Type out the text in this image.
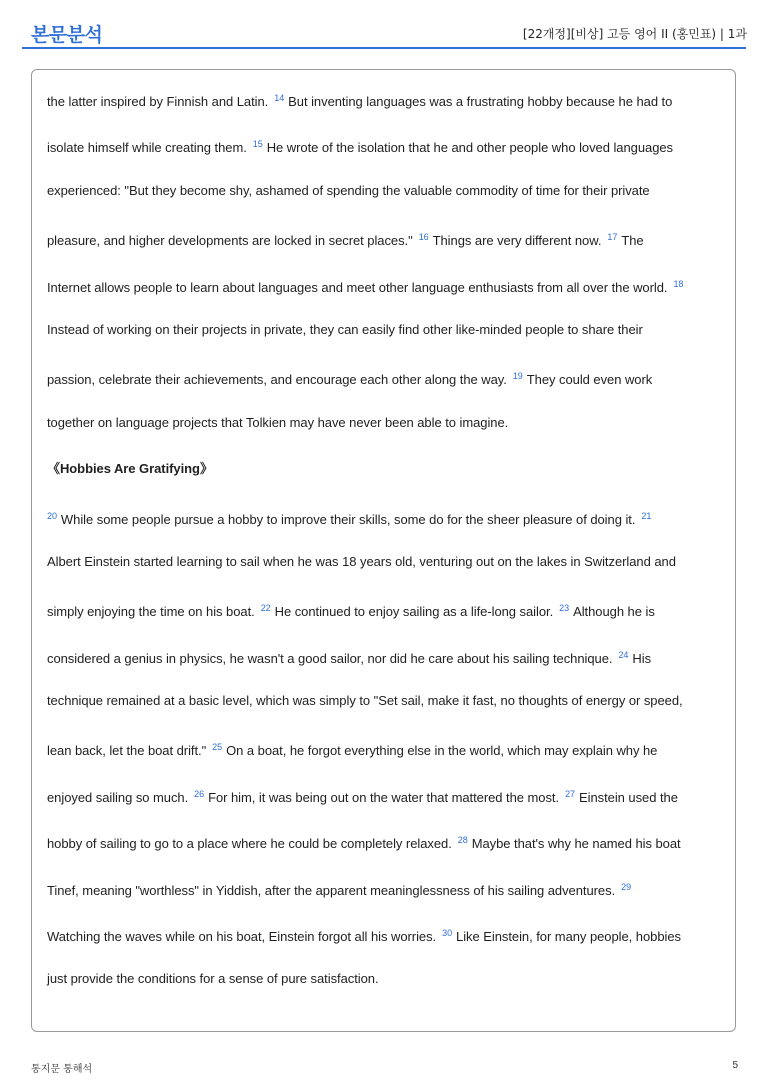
본문분석	[22개정][비상] 고등 영어 II (홍민표) | 1과
the latter inspired by Finnish and Latin. $^{14}$ But inventing languages was a frustrating hobby because he had to
isolate himself while creating them. $^{15}$ He wrote of the isolation that he and other people who loved languages
experienced: "But they become shy, ashamed of spending the valuable commodity of time for their private
pleasure, and higher developments are locked in secret places." $^{16}$ Things are very different now. $^{17}$ The
Internet allows people to learn about languages and meet other language enthusiasts from all over the world. $^{18}$
Instead of working on their projects in private, they can easily find other like-minded people to share their
passion, celebrate their achievements, and encourage each other along the way. $^{19}$ They could even work
together on language projects that Tolkien may have never been able to imagine.
《Hobbies Are Gratifying》
$^{20}$ While some people pursue a hobby to improve their skills, some do for the sheer pleasure of doing it. $^{21}$
Albert Einstein started learning to sail when he was 18 years old, venturing out on the lakes in Switzerland and
simply enjoying the time on his boat. $^{22}$ He continued to enjoy sailing as a life-long sailor. $^{23}$ Although he is
considered a genius in physics, he wasn't a good sailor, nor did he care about his sailing technique. $^{24}$ His
technique remained at a basic level, which was simply to "Set sail, make it fast, no thoughts of energy or speed,
lean back, let the boat drift." $^{25}$ On a boat, he forgot everything else in the world, which may explain why he
enjoyed sailing so much. $^{26}$ For him, it was being out on the water that mattered the most. $^{27}$ Einstein used the
hobby of sailing to go to a place where he could be completely relaxed. $^{28}$ Maybe that's why he named his boat
Tinef, meaning "worthless" in Yiddish, after the apparent meaninglessness of his sailing adventures. $^{29}$
Watching the waves while on his boat, Einstein forgot all his worries. $^{30}$ Like Einstein, for many people, hobbies
just provide the conditions for a sense of pure satisfaction.
통지문 통해석	5
